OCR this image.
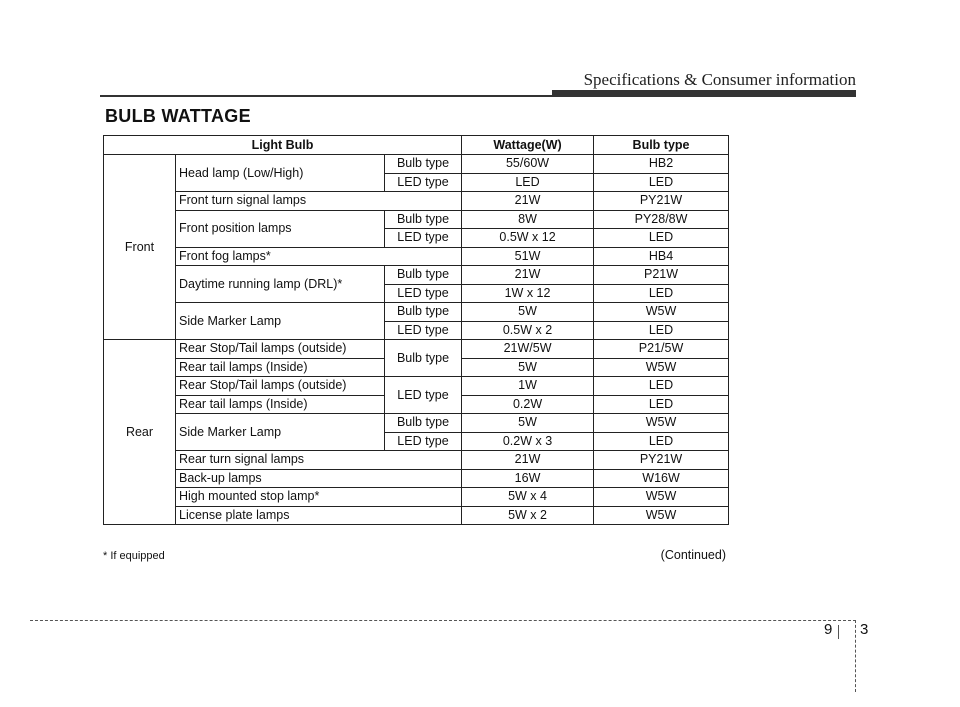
Specifications & Consumer information
BULB WATTAGE
Light Bulb			Wattage(W)	Bulb type
Front	Head lamp (Low/High)	Bulb type	55/60W	HB2
		LED type	LED	LED
	Front turn signal lamps		21W	PY21W
	Front position lamps	Bulb type	8W	PY28/8W
		LED type	0.5W x 12	LED
	Front fog lamps*		51W	HB4
	Daytime running lamp (DRL)*	Bulb type	21W	P21W
		LED type	1W x 12	LED
	Side Marker Lamp	Bulb type	5W	W5W
		LED type	0.5W x 2	LED
Rear	Rear Stop/Tail lamps (outside)	Bulb type	21W/5W	P21/5W
	Rear tail lamps (Inside)		5W	W5W
	Rear Stop/Tail lamps (outside)	LED type	1W	LED
	Rear tail lamps (Inside)		0.2W	LED
	Side Marker Lamp	Bulb type	5W	W5W
		LED type	0.2W x 3	LED
	Rear turn signal lamps		21W	PY21W
	Back-up lamps		16W	W16W
	High mounted stop lamp*		5W x 4	W5W
	License plate lamps		5W x 2	W5W
* If equipped	(Continued)
9 3
